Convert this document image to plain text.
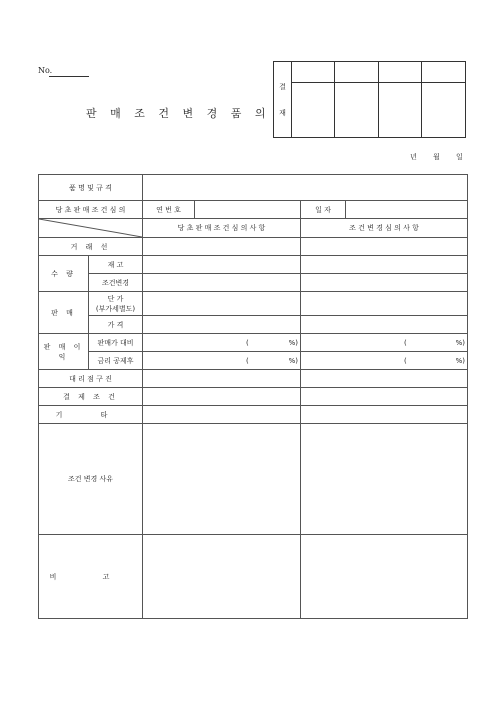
No.
판 매 조 건 변 경 품 의
결
재
년 월 일
품 명 및 규 격					
당 초 판 매 조 건 심 의		연 번 호		일 자	

	당 초 판 매 조 건 심 의 사 항		조 건 변 경 심 의 사 항	
거 래 선					
수 량	재 고				
	조건변경				
판 매	단 가
(부가세별도)				

	가 격				
판 매 이 익	판매가 대비	( %)		( %)	

	금리 공제후	( %)		( %)	

대 리 점 구 진					
결 제 조 건					
기 타					
조건 변경 사유					
비 고					
